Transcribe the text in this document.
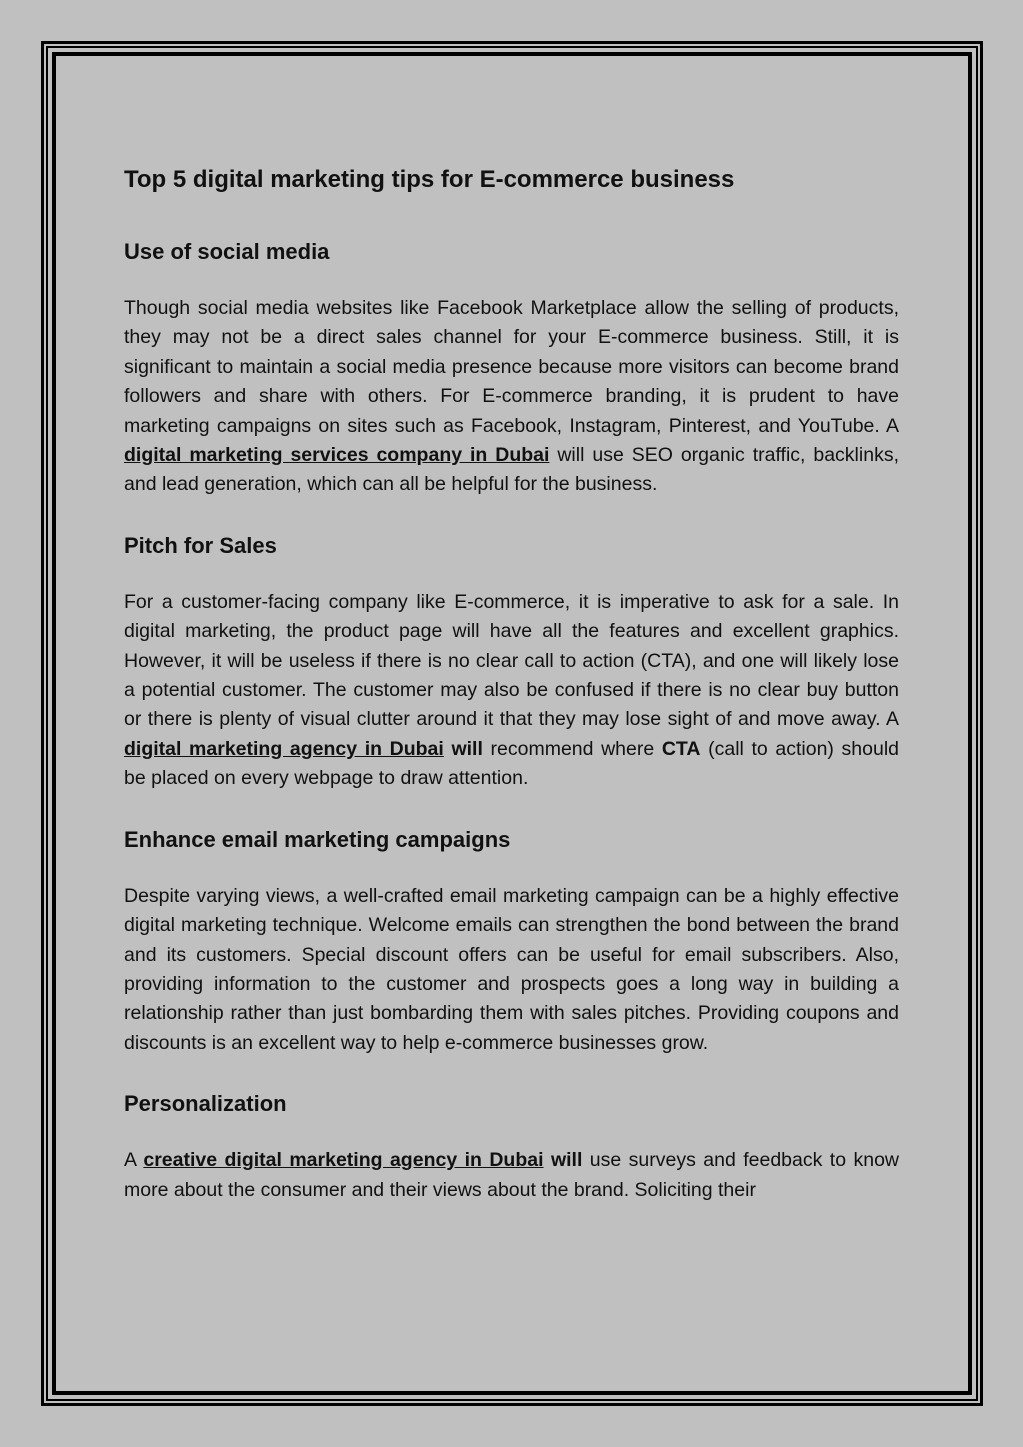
Top 5 digital marketing tips for E-commerce business
Use of social media

Though social media websites like Facebook Marketplace allow the selling of products, they may not be a direct sales channel for your E-commerce business. Still, it is significant to maintain a social media presence because more visitors can become brand followers and share with others. For E-commerce branding, it is prudent to have marketing campaigns on sites such as Facebook, Instagram, Pinterest, and YouTube. A digital marketing services company in Dubai will use SEO organic traffic, backlinks, and lead generation, which can all be helpful for the business.

Pitch for Sales

For a customer-facing company like E-commerce, it is imperative to ask for a sale. In digital marketing, the product page will have all the features and excellent graphics. However, it will be useless if there is no clear call to action (CTA), and one will likely lose a potential customer. The customer may also be confused if there is no clear buy button or there is plenty of visual clutter around it that they may lose sight of and move away. A digital marketing agency in Dubai will recommend where CTA (call to action) should be placed on every webpage to draw attention.

Enhance email marketing campaigns

Despite varying views, a well-crafted email marketing campaign can be a highly effective digital marketing technique. Welcome emails can strengthen the bond between the brand and its customers. Special discount offers can be useful for email subscribers. Also, providing information to the customer and prospects goes a long way in building a relationship rather than just bombarding them with sales pitches. Providing coupons and discounts is an excellent way to help e-commerce businesses grow.

Personalization

A creative digital marketing agency in Dubai will use surveys and feedback to know more about the consumer and their views about the brand. Soliciting their
